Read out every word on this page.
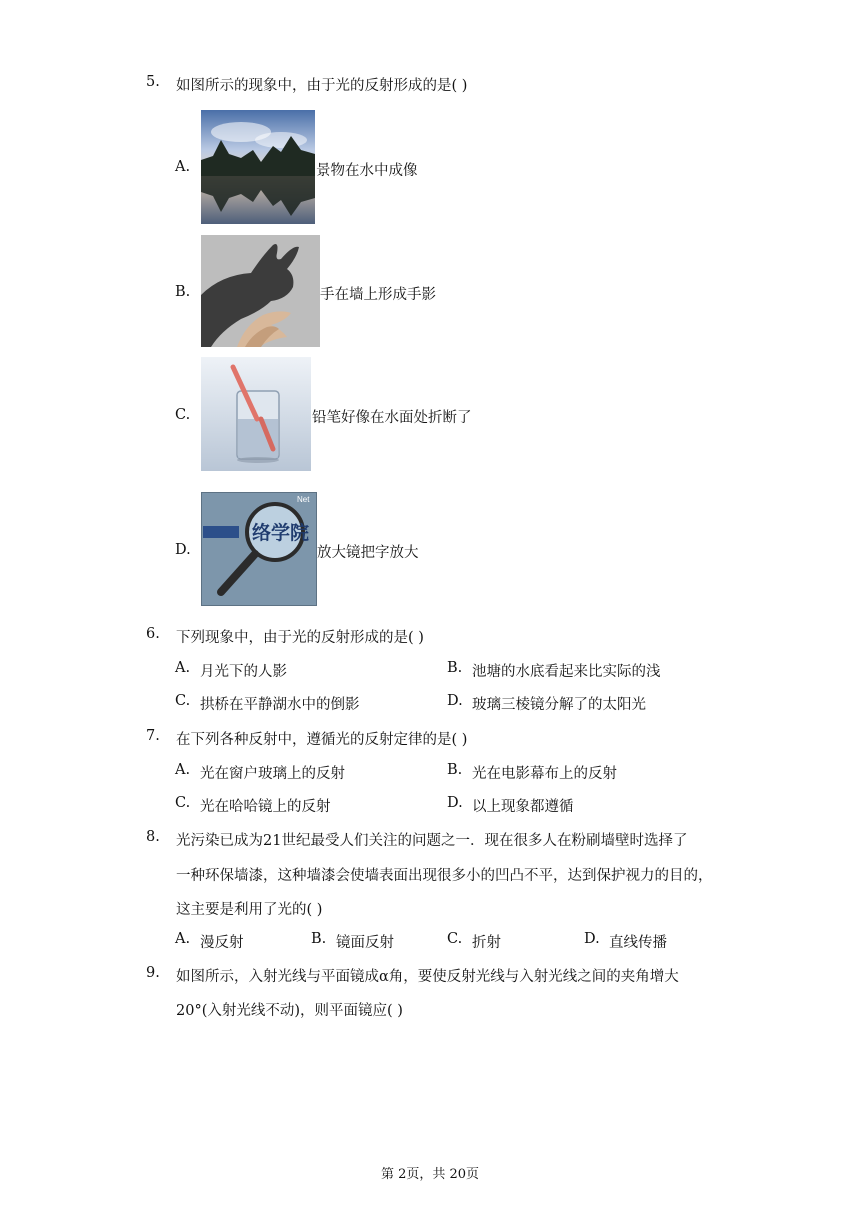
5. 如图所示的现象中，由于光的反射形成的是( )
A.	景物在水中成像
B.	手在墙上形成手影
C.	铅笔好像在水面处折断了
D.
络学院
Net
放大镜把字放大
6. 下列现象中，由于光的反射形成的是( )
A. 月光下的人影	B. 池塘的水底看起来比实际的浅
C. 拱桥在平静湖水中的倒影	D. 玻璃三棱镜分解了的太阳光
7. 在下列各种反射中，遵循光的反射定律的是( )
A. 光在窗户玻璃上的反射	B. 光在电影幕布上的反射
C. 光在哈哈镜上的反射	D. 以上现象都遵循
8. 光污染已成为21世纪最受人们关注的问题之一．现在很多人在粉刷墙壁时选择了
一种环保墙漆，这种墙漆会使墙表面出现很多小的凹凸不平，达到保护视力的目的，
这主要是利用了光的( )
A. 漫反射	B. 镜面反射	C. 折射	D. 直线传播
9. 如图所示，入射光线与平面镜成α角，要使反射光线与入射光线之间的夹角增大
20°(入射光线不动)，则平面镜应( )
第 2页，共 20页
